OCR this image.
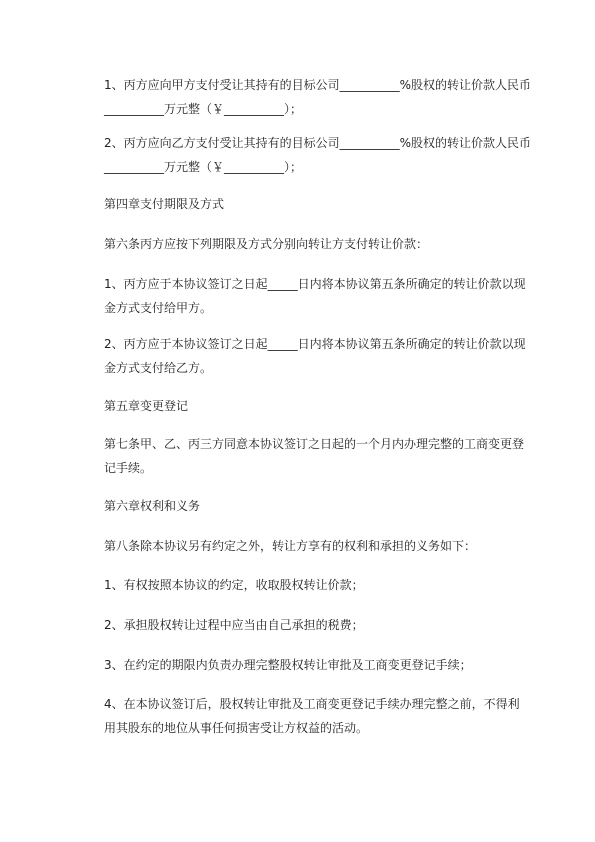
1、丙方应向甲方支付受让其持有的目标公司__________%股权的转让价款人民币
__________万元整（￥__________）；
2、丙方应向乙方支付受让其持有的目标公司__________%股权的转让价款人民币
__________万元整（￥__________）；
第四章支付期限及方式
第六条丙方应按下列期限及方式分别向转让方支付转让价款：
1、丙方应于本协议签订之日起_____日内将本协议第五条所确定的转让价款以现
金方式支付给甲方。
2、丙方应于本协议签订之日起_____日内将本协议第五条所确定的转让价款以现
金方式支付给乙方。
第五章变更登记
第七条甲、乙、丙三方同意本协议签订之日起的一个月内办理完整的工商变更登
记手续。
第六章权利和义务
第八条除本协议另有约定之外，转让方享有的权利和承担的义务如下：
1、有权按照本协议的约定，收取股权转让价款；
2、承担股权转让过程中应当由自己承担的税费；
3、在约定的期限内负责办理完整股权转让审批及工商变更登记手续；
4、在本协议签订后，股权转让审批及工商变更登记手续办理完整之前，不得利
用其股东的地位从事任何损害受让方权益的活动。
